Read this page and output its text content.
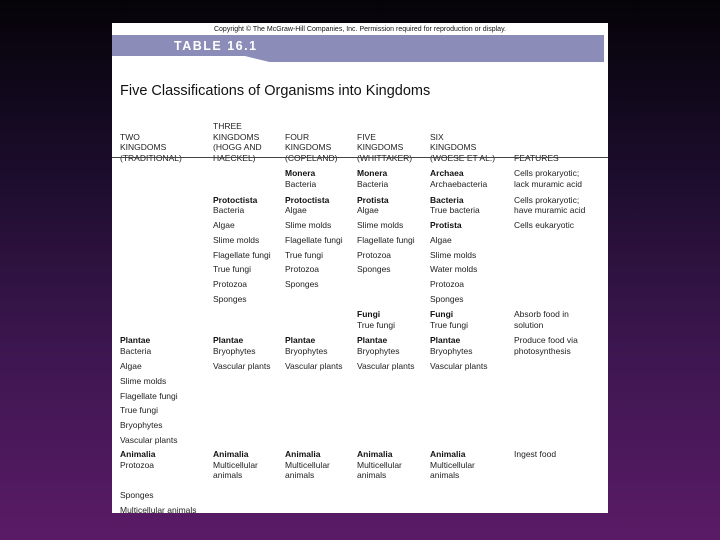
Copyright © The McGraw-Hill Companies, Inc. Permission required for reproduction or display.
TABLE 16.1
Five Classifications of Organisms into Kingdoms
TWO
KINGDOMS
THREE
KINGDOMS
(HOGG AND
FOUR
KINGDOMS
FIVE
KINGDOMS
SIX
KINGDOMS
Monera
Bacteria
Monera
Bacteria
Archaea
Archaebacteria
Cells prokaryotic;
lack muramic acid
Protoctista
Bacteria
Algae
Slime molds
Flagellate fungi
True fungi
Protozoa
Sponges
Protoctista
Algae
Slime molds
Flagellate fungi
True fungi
Protozoa
Sponges
Protista
Algae
Slime molds
Flagellate fungi
Protozoa
Sponges
Bacteria
True bacteria
Protista
Algae
Slime molds
Water molds
Protozoa
Sponges
Cells prokaryotic;
have muramic acid
Cells eukaryotic
Fungi
True fungi
Fungi
True fungi
Absorb food in
solution
Plantae
Bacteria
Algae
Slime molds
Flagellate fungi
True fungi
Bryophytes
Vascular plants
Plantae
Bryophytes
Vascular plants
Plantae
Bryophytes
Vascular plants
Plantae
Bryophytes
Vascular plants
Plantae
Bryophytes
Vascular plants
Produce food via
photosynthesis
Animalia
Protozoa
Sponges
Multicellular animals
Animalia
Multicellular
animals
Animalia
Multicellular
animals
Animalia
Multicellular
animals
Animalia
Multicellular
animals
Ingest food
